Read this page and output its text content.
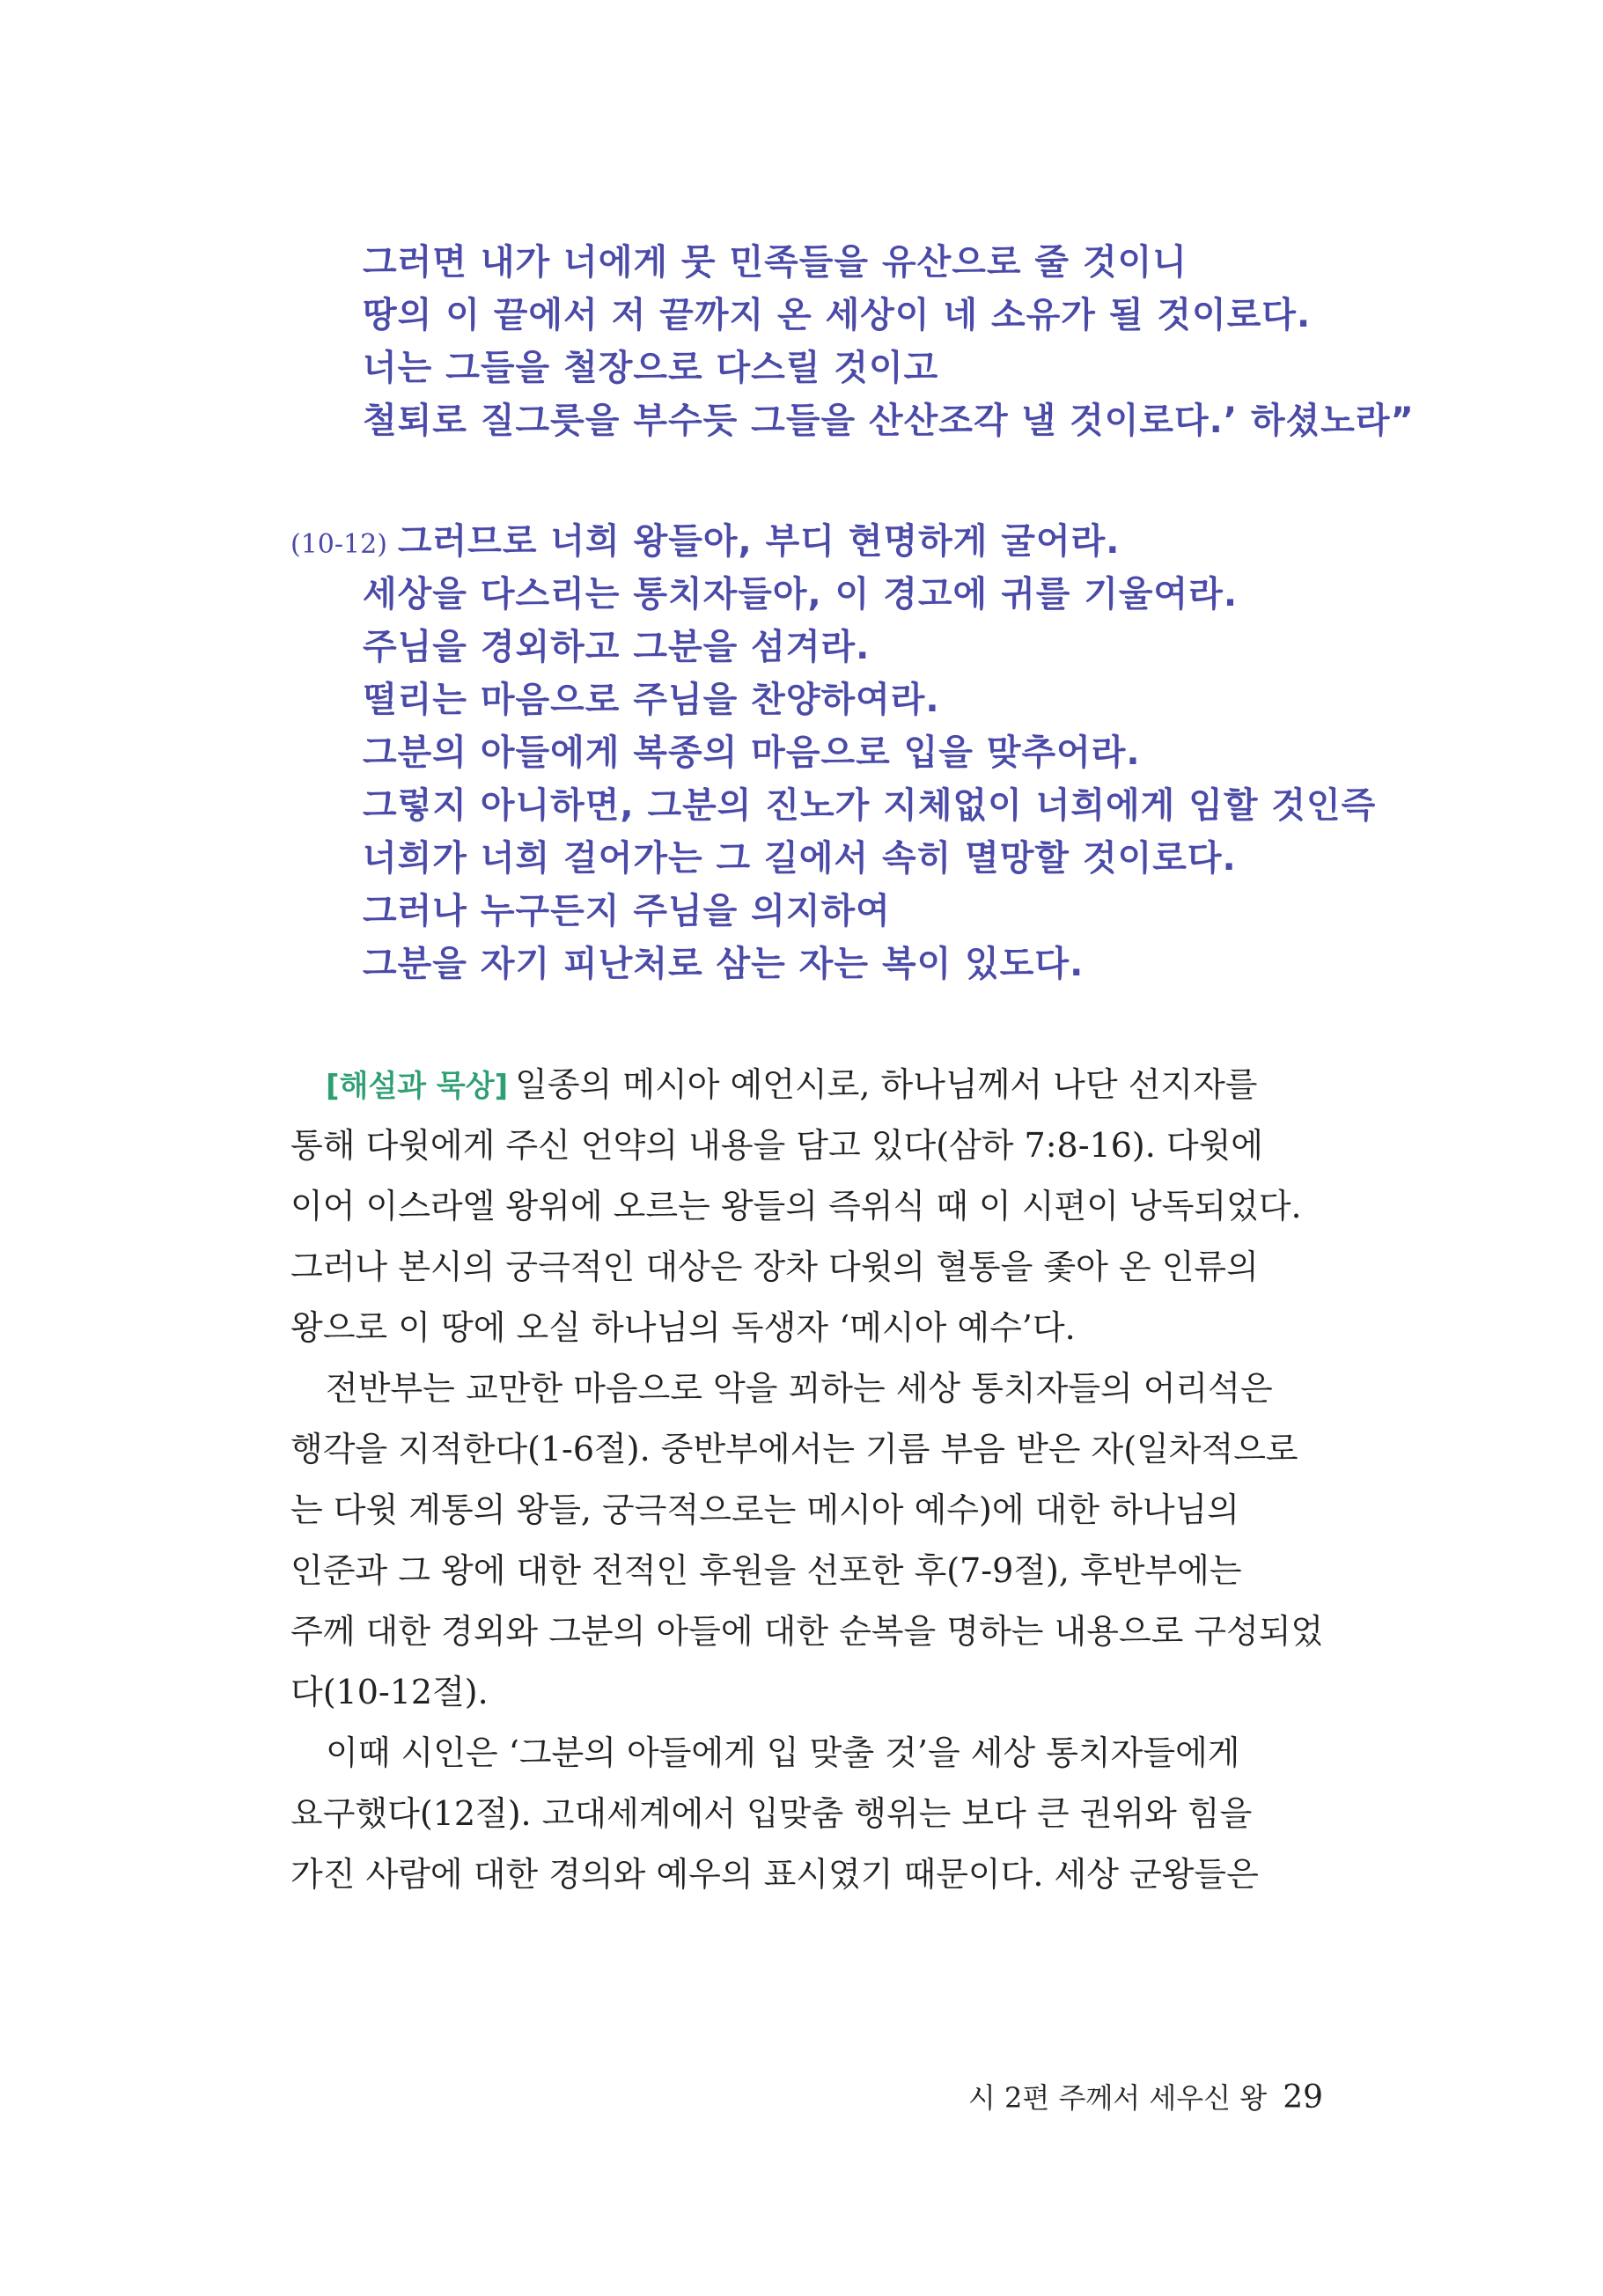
그러면 내가 너에게 뭇 민족들을 유산으로 줄 것이니
땅의 이 끝에서 저 끝까지 온 세상이 네 소유가 될 것이로다.
너는 그들을 철장으로 다스릴 것이고
철퇴로 질그릇을 부수듯 그들을 산산조각 낼 것이로다.’ 하셨노라”
(10-12) 그러므로 너희 왕들아, 부디 현명하게 굴어라.
세상을 다스리는 통치자들아, 이 경고에 귀를 기울여라.
주님을 경외하고 그분을 섬겨라.
떨리는 마음으로 주님을 찬양하여라.
그분의 아들에게 복종의 마음으로 입을 맞추어라.
그렇지 아니하면, 그분의 진노가 지체없이 너희에게 임할 것인즉
너희가 너희 걸어가는 그 길에서 속히 멸망할 것이로다.
그러나 누구든지 주님을 의지하여
그분을 자기 피난처로 삼는 자는 복이 있도다.
[해설과 묵상] 일종의 메시아 예언시로, 하나님께서 나단 선지자를
통해 다윗에게 주신 언약의 내용을 담고 있다(삼하 7:8-16). 다윗에
이어 이스라엘 왕위에 오르는 왕들의 즉위식 때 이 시편이 낭독되었다.
그러나 본시의 궁극적인 대상은 장차 다윗의 혈통을 좇아 온 인류의
왕으로 이 땅에 오실 하나님의 독생자 ‘메시아 예수’다.
전반부는 교만한 마음으로 악을 꾀하는 세상 통치자들의 어리석은
행각을 지적한다(1-6절). 중반부에서는 기름 부음 받은 자(일차적으로
는 다윗 계통의 왕들, 궁극적으로는 메시아 예수)에 대한 하나님의
인준과 그 왕에 대한 전적인 후원을 선포한 후(7-9절), 후반부에는
주께 대한 경외와 그분의 아들에 대한 순복을 명하는 내용으로 구성되었
다(10-12절).
이때 시인은 ‘그분의 아들에게 입 맞출 것’을 세상 통치자들에게
요구했다(12절). 고대세계에서 입맞춤 행위는 보다 큰 권위와 힘을
가진 사람에 대한 경의와 예우의 표시였기 때문이다. 세상 군왕들은
시 2편 주께서 세우신 왕 29
